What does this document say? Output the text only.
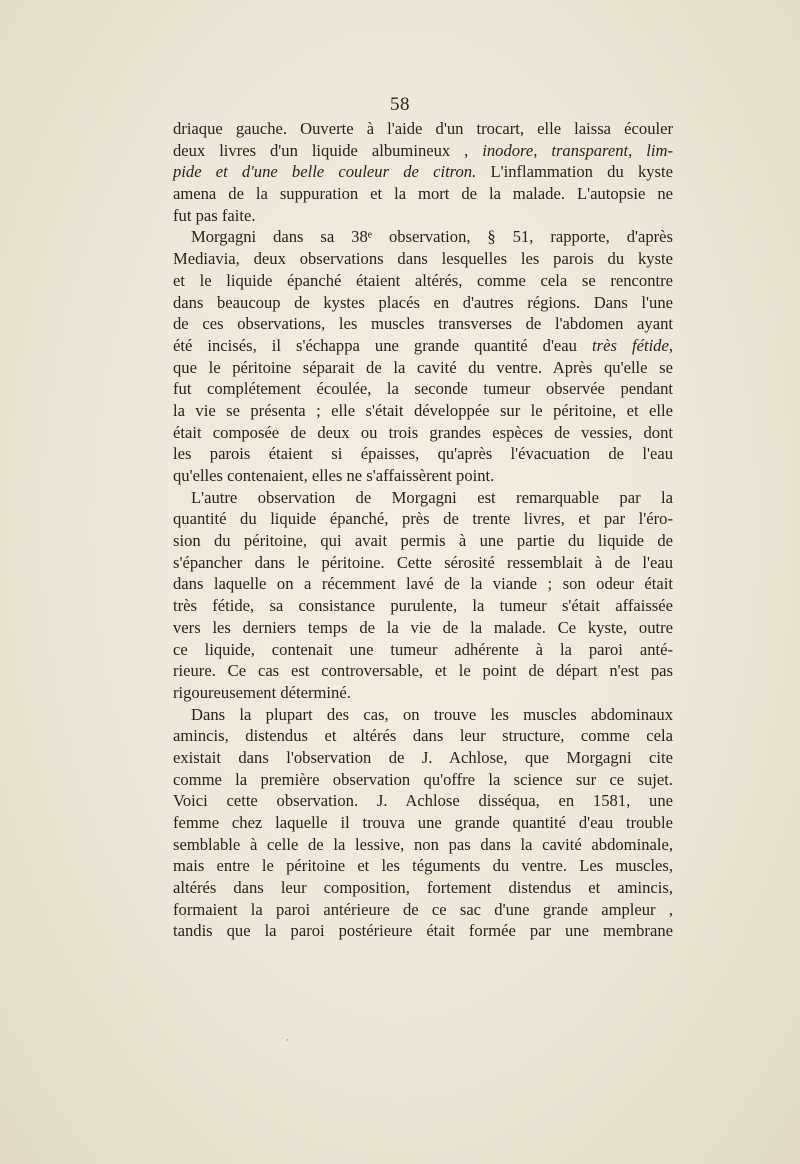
58
driaque gauche. Ouverte à l'aide d'un trocart, elle laissa écouler
deux livres d'un liquide albumineux , inodore, transparent, lim-
pide et d'une belle couleur de citron. L'inflammation du kyste
amena de la suppuration et la mort de la malade. L'autopsie ne
fut pas faite.
Morgagni dans sa 38ᵉ observation, § 51, rapporte, d'après
Mediavia, deux observations dans lesquelles les parois du kyste
et le liquide épanché étaient altérés, comme cela se rencontre
dans beaucoup de kystes placés en d'autres régions. Dans l'une
de ces observations, les muscles transverses de l'abdomen ayant
été incisés, il s'échappa une grande quantité d'eau très fétide,
que le péritoine séparait de la cavité du ventre. Après qu'elle se
fut complétement écoulée, la seconde tumeur observée pendant
la vie se présenta ; elle s'était développée sur le péritoine, et elle
était composée de deux ou trois grandes espèces de vessies, dont
les parois étaient si épaisses, qu'après l'évacuation de l'eau
qu'elles contenaient, elles ne s'affaissèrent point.
L'autre observation de Morgagni est remarquable par la
quantité du liquide épanché, près de trente livres, et par l'éro-
sion du péritoine, qui avait permis à une partie du liquide de
s'épancher dans le péritoine. Cette sérosité ressemblait à de l'eau
dans laquelle on a récemment lavé de la viande ; son odeur était
très fétide, sa consistance purulente, la tumeur s'était affaissée
vers les derniers temps de la vie de la malade. Ce kyste, outre
ce liquide, contenait une tumeur adhérente à la paroi anté-
rieure. Ce cas est controversable, et le point de départ n'est pas
rigoureusement déterminé.
Dans la plupart des cas, on trouve les muscles abdominaux
amincis, distendus et altérés dans leur structure, comme cela
existait dans l'observation de J. Achlose, que Morgagni cite
comme la première observation qu'offre la science sur ce sujet.
Voici cette observation. J. Achlose disséqua, en 1581, une
femme chez laquelle il trouva une grande quantité d'eau trouble
semblable à celle de la lessive, non pas dans la cavité abdominale,
mais entre le péritoine et les téguments du ventre. Les muscles,
altérés dans leur composition, fortement distendus et amincis,
formaient la paroi antérieure de ce sac d'une grande ampleur ,
tandis que la paroi postérieure était formée par une membrane
·
